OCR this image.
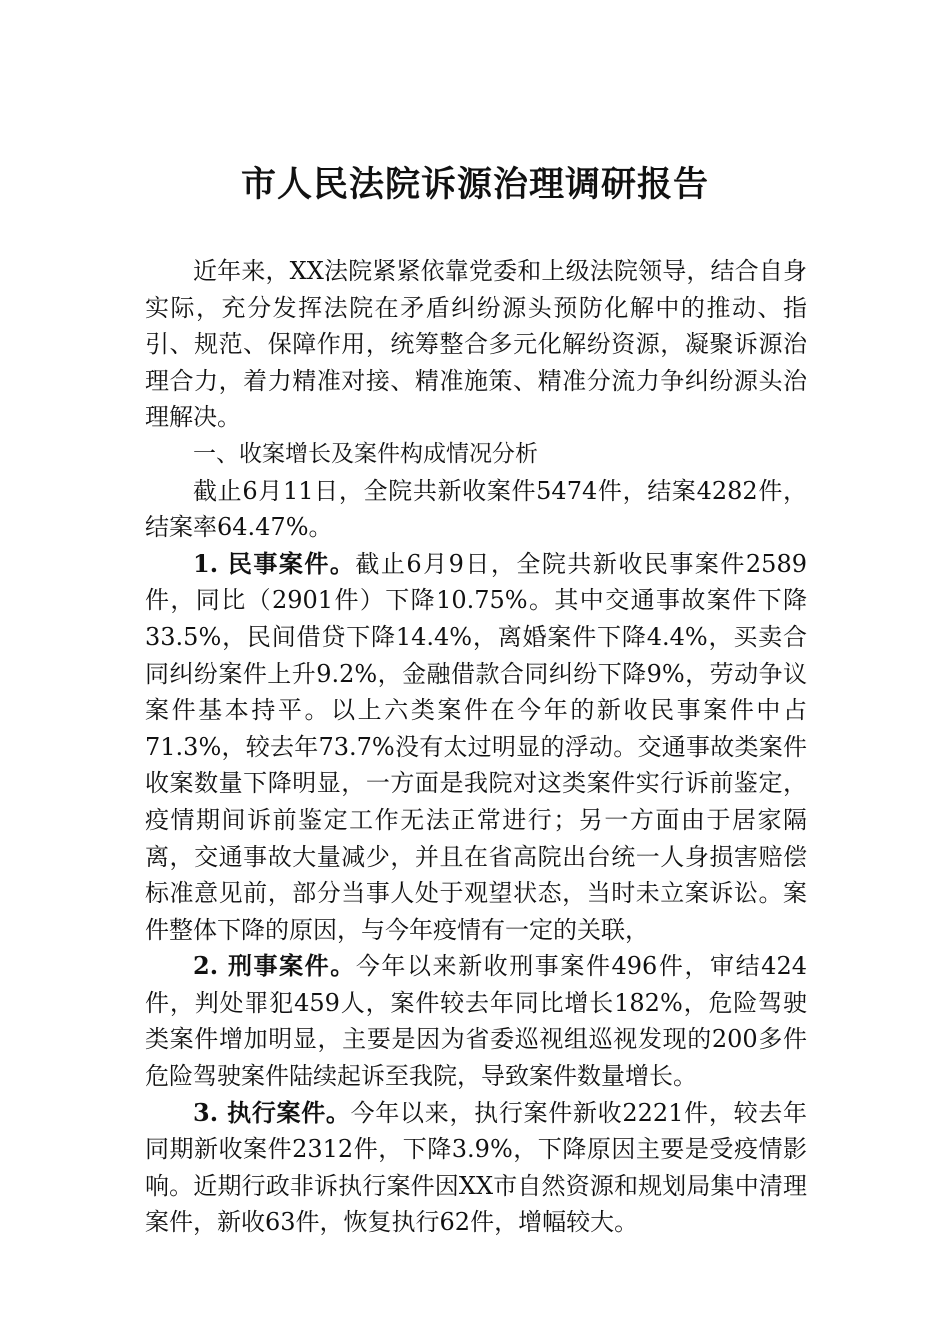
市人民法院诉源治理调研报告

近年来，XX法院紧紧依靠党委和上级法院领导，结合自身实际，充分发挥法院在矛盾纠纷源头预防化解中的推动、指引、规范、保障作用，统筹整合多元化解纷资源，凝聚诉源治理合力，着力精准对接、精准施策、精准分流力争纠纷源头治理解决。

一、收案增长及案件构成情况分析

截止6月11日，全院共新收案件5474件，结案4282件，结案率64.47%。

1. 民事案件。截止6月9日，全院共新收民事案件2589件，同比（2901件）下降10.75%。其中交通事故案件下降33.5%，民间借贷下降14.4%，离婚案件下降4.4%，买卖合同纠纷案件上升9.2%，金融借款合同纠纷下降9%，劳动争议案件基本持平。以上六类案件在今年的新收民事案件中占71.3%，较去年73.7%没有太过明显的浮动。交通事故类案件收案数量下降明显，一方面是我院对这类案件实行诉前鉴定，疫情期间诉前鉴定工作无法正常进行；另一方面由于居家隔离，交通事故大量减少，并且在省高院出台统一人身损害赔偿标准意见前，部分当事人处于观望状态，当时未立案诉讼。案件整体下降的原因，与今年疫情有一定的关联，

2. 刑事案件。今年以来新收刑事案件496件，审结424件，判处罪犯459人，案件较去年同比增长182%，危险驾驶类案件增加明显，主要是因为省委巡视组巡视发现的200多件危险驾驶案件陆续起诉至我院，导致案件数量增长。

3. 执行案件。今年以来，执行案件新收2221件，较去年同期新收案件2312件，下降3.9%，下降原因主要是受疫情影响。近期行政非诉执行案件因XX市自然资源和规划局集中清理案件，新收63件，恢复执行62件，增幅较大。
